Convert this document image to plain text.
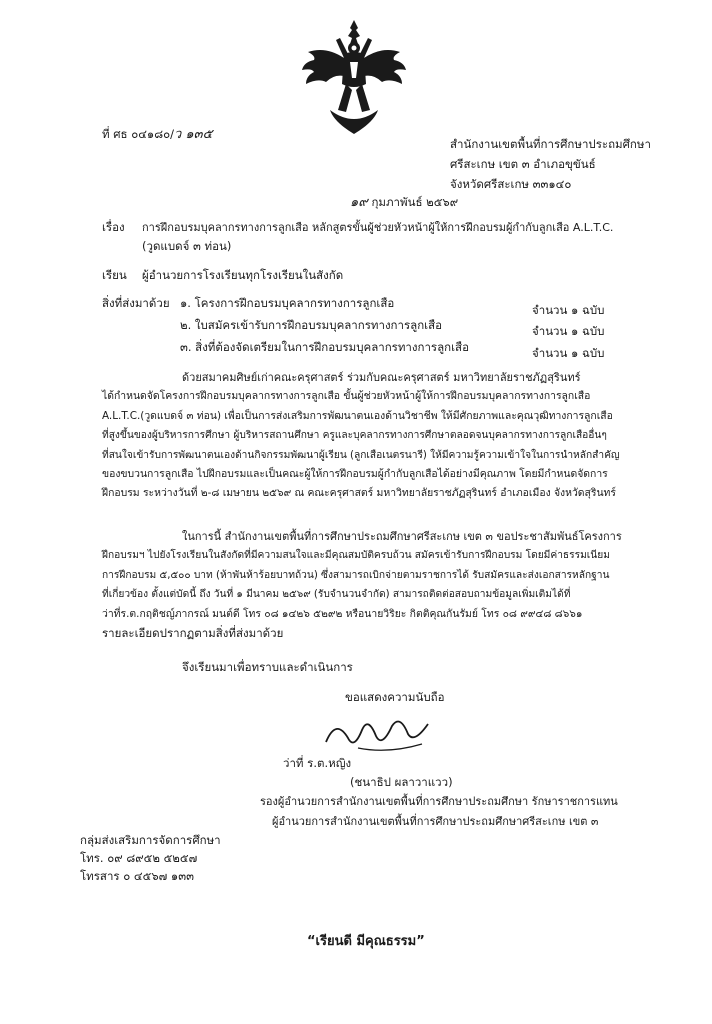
ที่ ศธ ๐๔๑๘๐/ว ๑๓๕
สำนักงานเขตพื้นที่การศึกษาประถมศึกษา
ศรีสะเกษ เขต ๓ อำเภอขุขันธ์
จังหวัดศรีสะเกษ ๓๓๑๔๐
๑๙ กุมภาพันธ์ ๒๕๖๙
เรื่อง การฝึกอบรมบุคลากรทางการลูกเสือ หลักสูตรขั้นผู้ช่วยหัวหน้าผู้ให้การฝึกอบรมผู้กำกับลูกเสือ A.L.T.C.
(วูดแบดจ์ ๓ ท่อน)
เรียน ผู้อำนวยการโรงเรียนทุกโรงเรียนในสังกัด
สิ่งที่ส่งมาด้วย ๑. โครงการฝึกอบรมบุคลากรทางการลูกเสือ	จำนวน ๑ ฉบับ
๒. ใบสมัครเข้ารับการฝึกอบรมบุคลากรทางการลูกเสือ	จำนวน ๑ ฉบับ
๓. สิ่งที่ต้องจัดเตรียมในการฝึกอบรมบุคลากรทางการลูกเสือ	จำนวน ๑ ฉบับ
ด้วยสมาคมศิษย์เก่าคณะครุศาสตร์ ร่วมกับคณะครุศาสตร์ มหาวิทยาลัยราชภัฏสุรินทร์
ได้กำหนดจัดโครงการฝึกอบรมบุคลากรทางการลูกเสือ ขั้นผู้ช่วยหัวหน้าผู้ให้การฝึกอบรมบุคลากรทางการลูกเสือ
A.L.T.C.(วูดแบดจ์ ๓ ท่อน) เพื่อเป็นการส่งเสริมการพัฒนาตนเองด้านวิชาชีพ ให้มีศักยภาพและคุณวุฒิทางการลูกเสือ
ที่สูงขึ้นของผู้บริหารการศึกษา ผู้บริหารสถานศึกษา ครูและบุคลากรทางการศึกษาตลอดจนบุคลากรทางการลูกเสืออื่นๆ
ที่สนใจเข้ารับการพัฒนาตนเองด้านกิจกรรมพัฒนาผู้เรียน (ลูกเสือเนตรนารี) ให้มีความรู้ความเข้าใจในการนำหลักสำคัญ
ของขบวนการลูกเสือ ไปฝึกอบรมและเป็นคณะผู้ให้การฝึกอบรมผู้กำกับลูกเสือได้อย่างมีคุณภาพ โดยมีกำหนดจัดการ
ฝึกอบรม ระหว่างวันที่ ๒-๘ เมษายน ๒๕๖๙ ณ คณะครุศาสตร์ มหาวิทยาลัยราชภัฏสุรินทร์ อำเภอเมือง จังหวัดสุรินทร์
ในการนี้ สำนักงานเขตพื้นที่การศึกษาประถมศึกษาศรีสะเกษ เขต ๓ ขอประชาสัมพันธ์โครงการ
ฝึกอบรมฯ ไปยังโรงเรียนในสังกัดที่มีความสนใจและมีคุณสมบัติครบถ้วน สมัครเข้ารับการฝึกอบรม โดยมีค่าธรรมเนียม
การฝึกอบรม ๕,๕๐๐ บาท (ห้าพันห้าร้อยบาทถ้วน) ซึ่งสามารถเบิกจ่ายตามราชการได้ รับสมัครและส่งเอกสารหลักฐาน
ที่เกี่ยวข้อง ตั้งแต่บัดนี้ ถึง วันที่ ๑ มีนาคม ๒๕๖๙ (รับจำนวนจำกัด) สามารถติดต่อสอบถามข้อมูลเพิ่มเติมได้ที่
ว่าที่ร.ต.กฤติชญ์ภากรณ์ มนต์ดี โทร ๐๘ ๑๔๒๖ ๕๒๙๒ หรือนายวิริยะ กิตติคุณกันรัมย์ โทร ๐๘ ๙๙๔๘ ๘๖๖๑
รายละเอียดปรากฏตามสิ่งที่ส่งมาด้วย
จึงเรียนมาเพื่อทราบและดำเนินการ
ขอแสดงความนับถือ
ว่าที่ ร.ต.หญิง
(ชนาธิป ผลาวาแวว)
รองผู้อำนวยการสำนักงานเขตพื้นที่การศึกษาประถมศึกษา รักษาราชการแทน
ผู้อำนวยการสำนักงานเขตพื้นที่การศึกษาประถมศึกษาศรีสะเกษ เขต ๓
กลุ่มส่งเสริมการจัดการศึกษา
โทร. ๐๙ ๘๙๕๒ ๕๒๕๗
โทรสาร ๐ ๔๕๖๗ ๑๓๓
“เรียนดี มีคุณธรรม”
